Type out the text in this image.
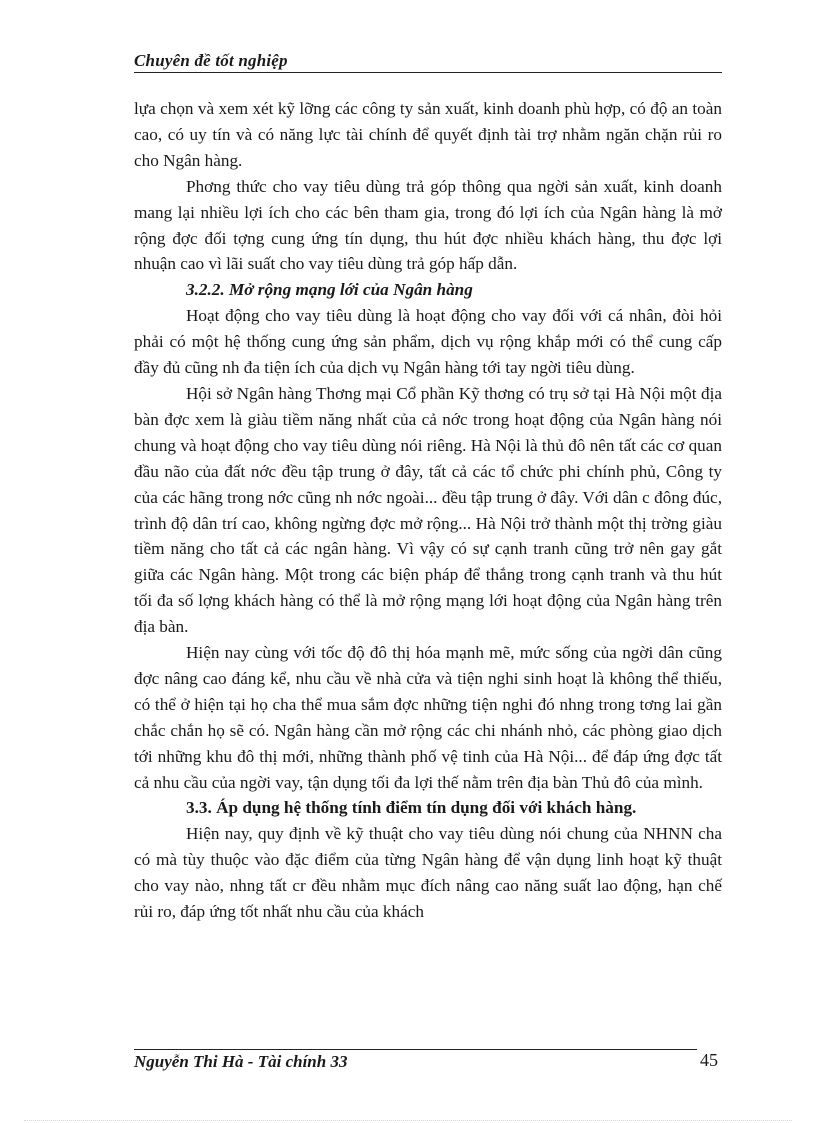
Chuyên đề tốt nghiệp

lựa chọn và xem xét kỹ lỡng các công ty sản xuất, kinh doanh phù hợp, có độ an toàn cao, có uy tín và có năng lực tài chính để quyết định tài trợ nhằm ngăn chặn rủi ro cho Ngân hàng.

Phơng thức cho vay tiêu dùng trả góp thông qua ngời sản xuất, kinh doanh mang lại nhiều lợi ích cho các bên tham gia, trong đó lợi ích của Ngân hàng là mở rộng đợc đối tợng cung ứng tín dụng, thu hút đợc nhiều khách hàng, thu đợc lợi nhuận cao vì lãi suất cho vay tiêu dùng trả góp hấp dẫn.

3.2.2. Mở rộng mạng lới của Ngân hàng

Hoạt động cho vay tiêu dùng là hoạt động cho vay đối với cá nhân, đòi hỏi phải có một hệ thống cung ứng sản phẩm, dịch vụ rộng khắp mới có thể cung cấp đầy đủ cũng nh đa tiện ích của dịch vụ Ngân hàng tới tay ngời tiêu dùng.

Hội sở Ngân hàng Thơng mại Cổ phần Kỹ thơng có trụ sở tại Hà Nội một địa bàn đợc xem là giàu tiềm năng nhất của cả nớc trong hoạt động của Ngân hàng nói chung và hoạt động cho vay tiêu dùng nói riêng. Hà Nội là thủ đô nên tất các cơ quan đầu não của đất nớc đều tập trung ở đây, tất cả các tổ chức phi chính phủ, Công ty của các hãng trong nớc cũng nh nớc ngoài... đều tập trung ở đây. Với dân c đông đúc, trình độ dân trí cao, không ngừng đợc mở rộng... Hà Nội trở thành một thị trờng giàu tiềm năng cho tất cả các ngân hàng. Vì vậy có sự cạnh tranh cũng trở nên gay gắt giữa các Ngân hàng. Một trong các biện pháp để thắng trong cạnh tranh và thu hút tối đa số lợng khách hàng có thể là mở rộng mạng lới hoạt động của Ngân hàng trên địa bàn.

Hiện nay cùng với tốc độ đô thị hóa mạnh mẽ, mức sống của ngời dân cũng đợc nâng cao đáng kể, nhu cầu về nhà cửa và tiện nghi sinh hoạt là không thể thiếu, có thể ở hiện tại họ cha thể mua sắm đợc những tiện nghi đó nhng trong tơng lai gần chắc chắn họ sẽ có. Ngân hàng cần mở rộng các chi nhánh nhỏ, các phòng giao dịch tới những khu đô thị mới, những thành phố vệ tinh của Hà Nội... để đáp ứng đợc tất cả nhu cầu của ngời vay, tận dụng tối đa lợi thế nằm trên địa bàn Thủ đô của mình.

3.3. Áp dụng hệ thống tính điểm tín dụng đối với khách hàng.

Hiện nay, quy định về kỹ thuật cho vay tiêu dùng nói chung của NHNN cha có mà tùy thuộc vào đặc điểm của từng Ngân hàng để vận dụng linh hoạt kỹ thuật cho vay nào, nhng tất cr đều nhằm mục đích nâng cao năng suất lao động, hạn chế rủi ro, đáp ứng tốt nhất nhu cầu của khách

Nguyễn Thi Hà - Tài chính 33	45
